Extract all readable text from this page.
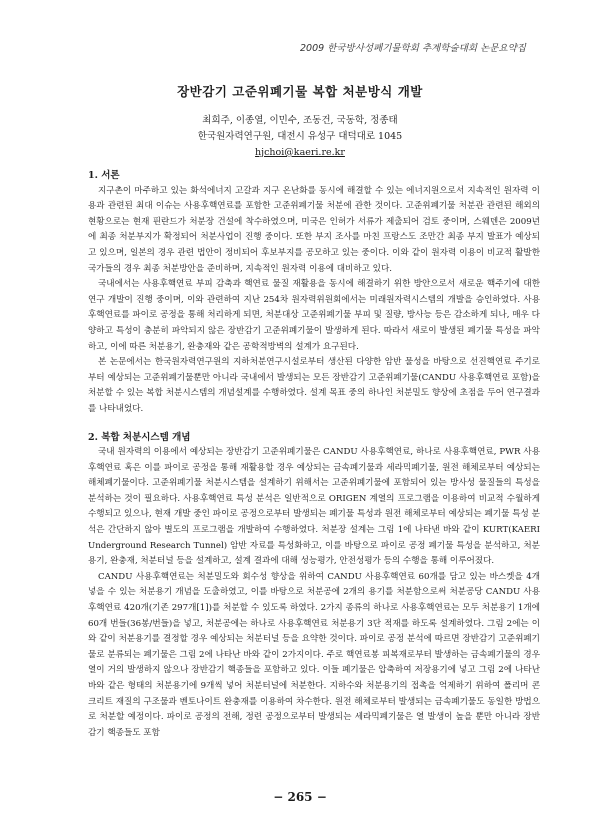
2009 한국방사성폐기물학회 추계학술대회 논문요약집
장반감기 고준위폐기물 복합 처분방식 개발
최희주, 이종열, 이민수, 조동건, 국동학, 정종태
한국원자력연구원, 대전시 유성구 대덕대로 1045
hjchoi@kaeri.re.kr

1. 서론

지구촌이 마주하고 있는 화석에너지 고갈과 지구 온난화를 동시에 해결할 수 있는 에너지원으로서 지속적인 원자력 이용과 관련된 최대 이슈는 사용후핵연료를 포함한 고준위폐기물 처분에 관한 것이다. 고준위폐기물 처분관 관련된 해외의 현황으로는 현재 핀란드가 처분장 건설에 착수하였으며, 미국은 인허가 서류가 제출되어 검토 중이며, 스웨덴은 2009년에 최종 처분부지가 확정되어 처분사업이 진행 중이다. 또한 부지 조사를 마친 프랑스도 조만간 최종 부지 발표가 예상되고 있으며, 일본의 경우 관련 법안이 정비되어 후보부지를 공모하고 있는 중이다. 이와 같이 원자력 이용이 비교적 활발한 국가들의 경우 최종 처분방안을 준비하며, 지속적인 원자력 이용에 대비하고 있다.

국내에서는 사용후핵연료 부피 감축과 핵연료 물질 재활용을 동시에 해결하기 위한 방안으로서 새로운 핵주기에 대한 연구 개발이 진행 중이며, 이와 관련하여 지난 254차 원자력위원회에서는 미래원자력시스템의 개발을 승인하였다. 사용후핵연료를 파이로 공정을 통해 처리하게 되면, 처분대상 고준위폐기물 부피 및 질량, 방사능 등은 감소하게 되나, 매우 다양하고 특성이 충분히 파악되지 않은 장반감기 고준위폐기물이 발생하게 된다. 따라서 새로이 발생된 폐기물 특성을 파악하고, 이에 따른 처분용기, 완충재와 같은 공학적방벽의 설계가 요구된다.

본 논문에서는 한국원자력연구원의 지하처분연구시설로부터 생산된 다양한 암반 물성을 바탕으로 선진핵연료 주기로부터 예상되는 고준위폐기물뿐만 아니라 국내에서 발생되는 모든 장반감기 고준위폐기물(CANDU 사용후핵연료 포함)을 처분할 수 있는 복합 처분시스템의 개념설계를 수행하였다. 설계 목표 중의 하나인 처분밀도 향상에 초점을 두어 연구결과를 나타내었다.

2. 복합 처분시스템 개념

국내 원자력의 이용에서 예상되는 장반감기 고준위폐기물은 CANDU 사용후핵연료, 하나로 사용후핵연료, PWR 사용후핵연료 혹은 이를 파이로 공정을 통해 재활용할 경우 예상되는 금속폐기물과 세라믹폐기물, 원전 해체로부터 예상되는 해체폐기물이다. 고준위폐기물 처분시스템을 설계하기 위해서는 고준위폐기물에 포함되어 있는 방사성 물질들의 특성을 분석하는 것이 필요하다. 사용후핵연료 특성 분석은 일반적으로 ORIGEN 계열의 프로그램을 이용하여 비교적 수월하게 수행되고 있으나, 현재 개발 중인 파이로 공정으로부터 발생되는 폐기물 특성과 원전 해체로부터 예상되는 폐기물 특성 분석은 간단하지 않아 별도의 프로그램을 개발하여 수행하였다. 처분장 설계는 그림 1에 나타낸 바와 같이 KURT(KAERI Underground Research Tunnel) 암반 자료를 특성화하고, 이를 바탕으로 파이로 공정 폐기물 특성을 분석하고, 처분용기, 완충재, 처분터널 등을 설계하고, 설계 결과에 대해 성능평가, 안전성평가 등의 수행을 통해 이루어졌다.

CANDU 사용후핵연료는 처분밀도와 회수성 향상을 위하여 CANDU 사용후핵연료 60개를 담고 있는 바스켓을 4개 넣을 수 있는 처분용기 개념을 도출하였고, 이를 바탕으로 처분공에 2개의 용기를 처분함으로써 처분공당 CANDU 사용후핵연료 420개(기존 297개[1])를 처분할 수 있도록 하였다. 2가지 종류의 하나로 사용후핵연료는 모두 처분용기 1개에 60개 번들(36봉/번들)을 넣고, 처분공에는 하나로 사용후핵연료 처분용기 3단 적재를 하도록 설계하였다. 그림 2에는 이와 같이 처분용기를 결정할 경우 예상되는 처분터널 등을 요약한 것이다. 파이로 공정 분석에 따르면 장반감기 고준위폐기물로 분류되는 폐기물은 그림 2에 나타난 바와 같이 2가지이다. 주로 핵연료봉 피복재로부터 발생하는 금속폐기물의 경우 열이 거의 발생하지 않으나 장반감기 핵종들을 포함하고 있다. 이들 폐기물은 압축하여 저장용기에 넣고 그림 2에 나타난 바와 같은 형태의 처분용기에 9개씩 넣어 처분터널에 처분한다. 지하수와 처분용기의 접촉을 억제하기 위하여 폴리머 콘크리트 재질의 구조물과 벤토나이트 완충재를 이용하여 차수한다. 원전 해체로부터 발생되는 금속폐기물도 동일한 방법으로 처분할 예정이다. 파이로 공정의 전해, 정련 공정으로부터 발생되는 세라믹폐기물은 열 발생이 높을 뿐만 아니라 장반감기 핵종들도 포함

− 265 −
